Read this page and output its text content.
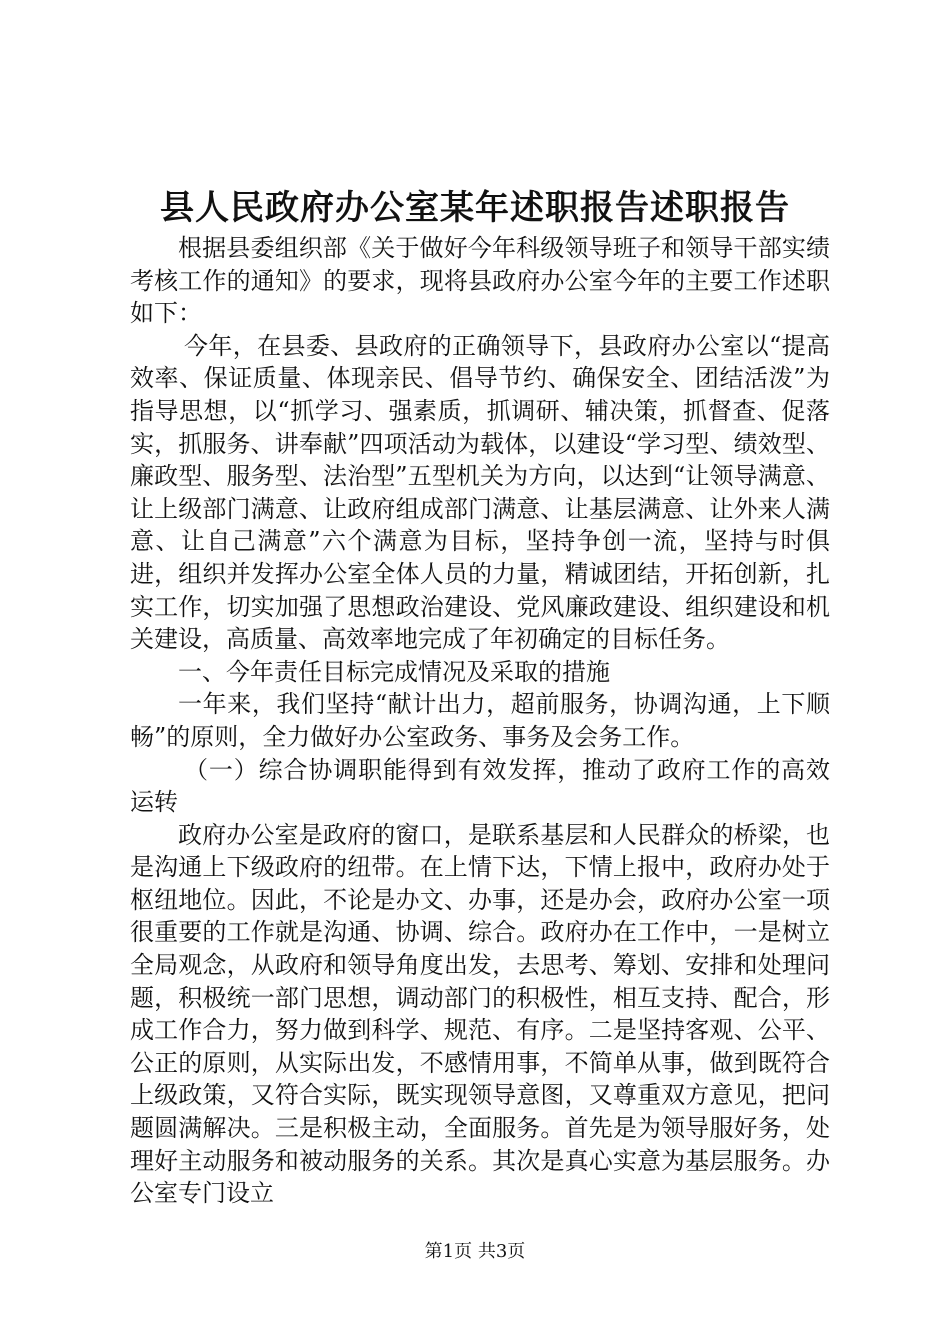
县人民政府办公室某年述职报告述职报告

根据县委组织部《关于做好今年科级领导班子和领导干部实绩考核工作的通知》的要求，现将县政府办公室今年的主要工作述职如下：

今年，在县委、县政府的正确领导下，县政府办公室以“提高效率、保证质量、体现亲民、倡导节约、确保安全、团结活泼”为指导思想，以“抓学习、强素质，抓调研、辅决策，抓督查、促落实，抓服务、讲奉献”四项活动为载体，以建设“学习型、绩效型、廉政型、服务型、法治型”五型机关为方向，以达到“让领导满意、让上级部门满意、让政府组成部门满意、让基层满意、让外来人满意、让自己满意”六个满意为目标，坚持争创一流，坚持与时俱进，组织并发挥办公室全体人员的力量，精诚团结，开拓创新，扎实工作，切实加强了思想政治建设、党风廉政建设、组织建设和机关建设，高质量、高效率地完成了年初确定的目标任务。

一、今年责任目标完成情况及采取的措施

一年来，我们坚持“献计出力，超前服务，协调沟通，上下顺畅”的原则，全力做好办公室政务、事务及会务工作。

（一）综合协调职能得到有效发挥，推动了政府工作的高效运转

政府办公室是政府的窗口，是联系基层和人民群众的桥梁，也是沟通上下级政府的纽带。在上情下达，下情上报中，政府办处于枢纽地位。因此，不论是办文、办事，还是办会，政府办公室一项很重要的工作就是沟通、协调、综合。政府办在工作中，一是树立全局观念，从政府和领导角度出发，去思考、筹划、安排和处理问题，积极统一部门思想，调动部门的积极性，相互支持、配合，形成工作合力，努力做到科学、规范、有序。二是坚持客观、公平、公正的原则，从实际出发，不感情用事，不简单从事，做到既符合上级政策，又符合实际，既实现领导意图，又尊重双方意见，把问题圆满解决。三是积极主动，全面服务。首先是为领导服好务，处理好主动服务和被动服务的关系。其次是真心实意为基层服务。办公室专门设立

第1页 共3页
